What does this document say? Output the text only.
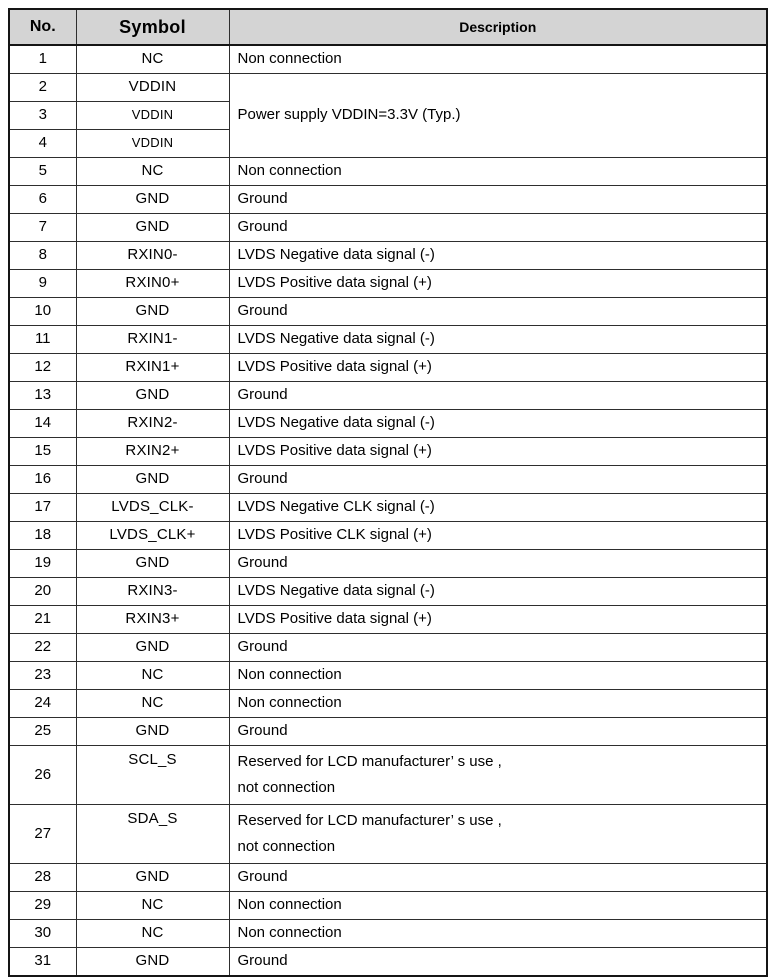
No.	Symbol	Description
1	NC	Non connection
2	VDDIN	Power supply VDDIN=3.3V (Typ.)
3	VDDIN	
4	VDDIN	
5	NC	Non connection
6	GND	Ground
7	GND	Ground
8	RXIN0-	LVDS Negative data signal (-)
9	RXIN0+	LVDS Positive data signal (+)
10	GND	Ground
11	RXIN1-	LVDS Negative data signal (-)
12	RXIN1+	LVDS Positive data signal (+)
13	GND	Ground
14	RXIN2-	LVDS Negative data signal (-)
15	RXIN2+	LVDS Positive data signal (+)
16	GND	Ground
17	LVDS_CLK-	LVDS Negative CLK signal (-)
18	LVDS_CLK+	LVDS Positive CLK signal (+)
19	GND	Ground
20	RXIN3-	LVDS Negative data signal (-)
21	RXIN3+	LVDS Positive data signal (+)
22	GND	Ground
23	NC	Non connection
24	NC	Non connection
25	GND	Ground
26	SCL_S	Reserved for LCD manufacturer’ s use ,
not connection

27	SDA_S	Reserved for LCD manufacturer’ s use ,
not connection

28	GND	Ground
29	NC	Non connection
30	NC	Non connection
31	GND	Ground
